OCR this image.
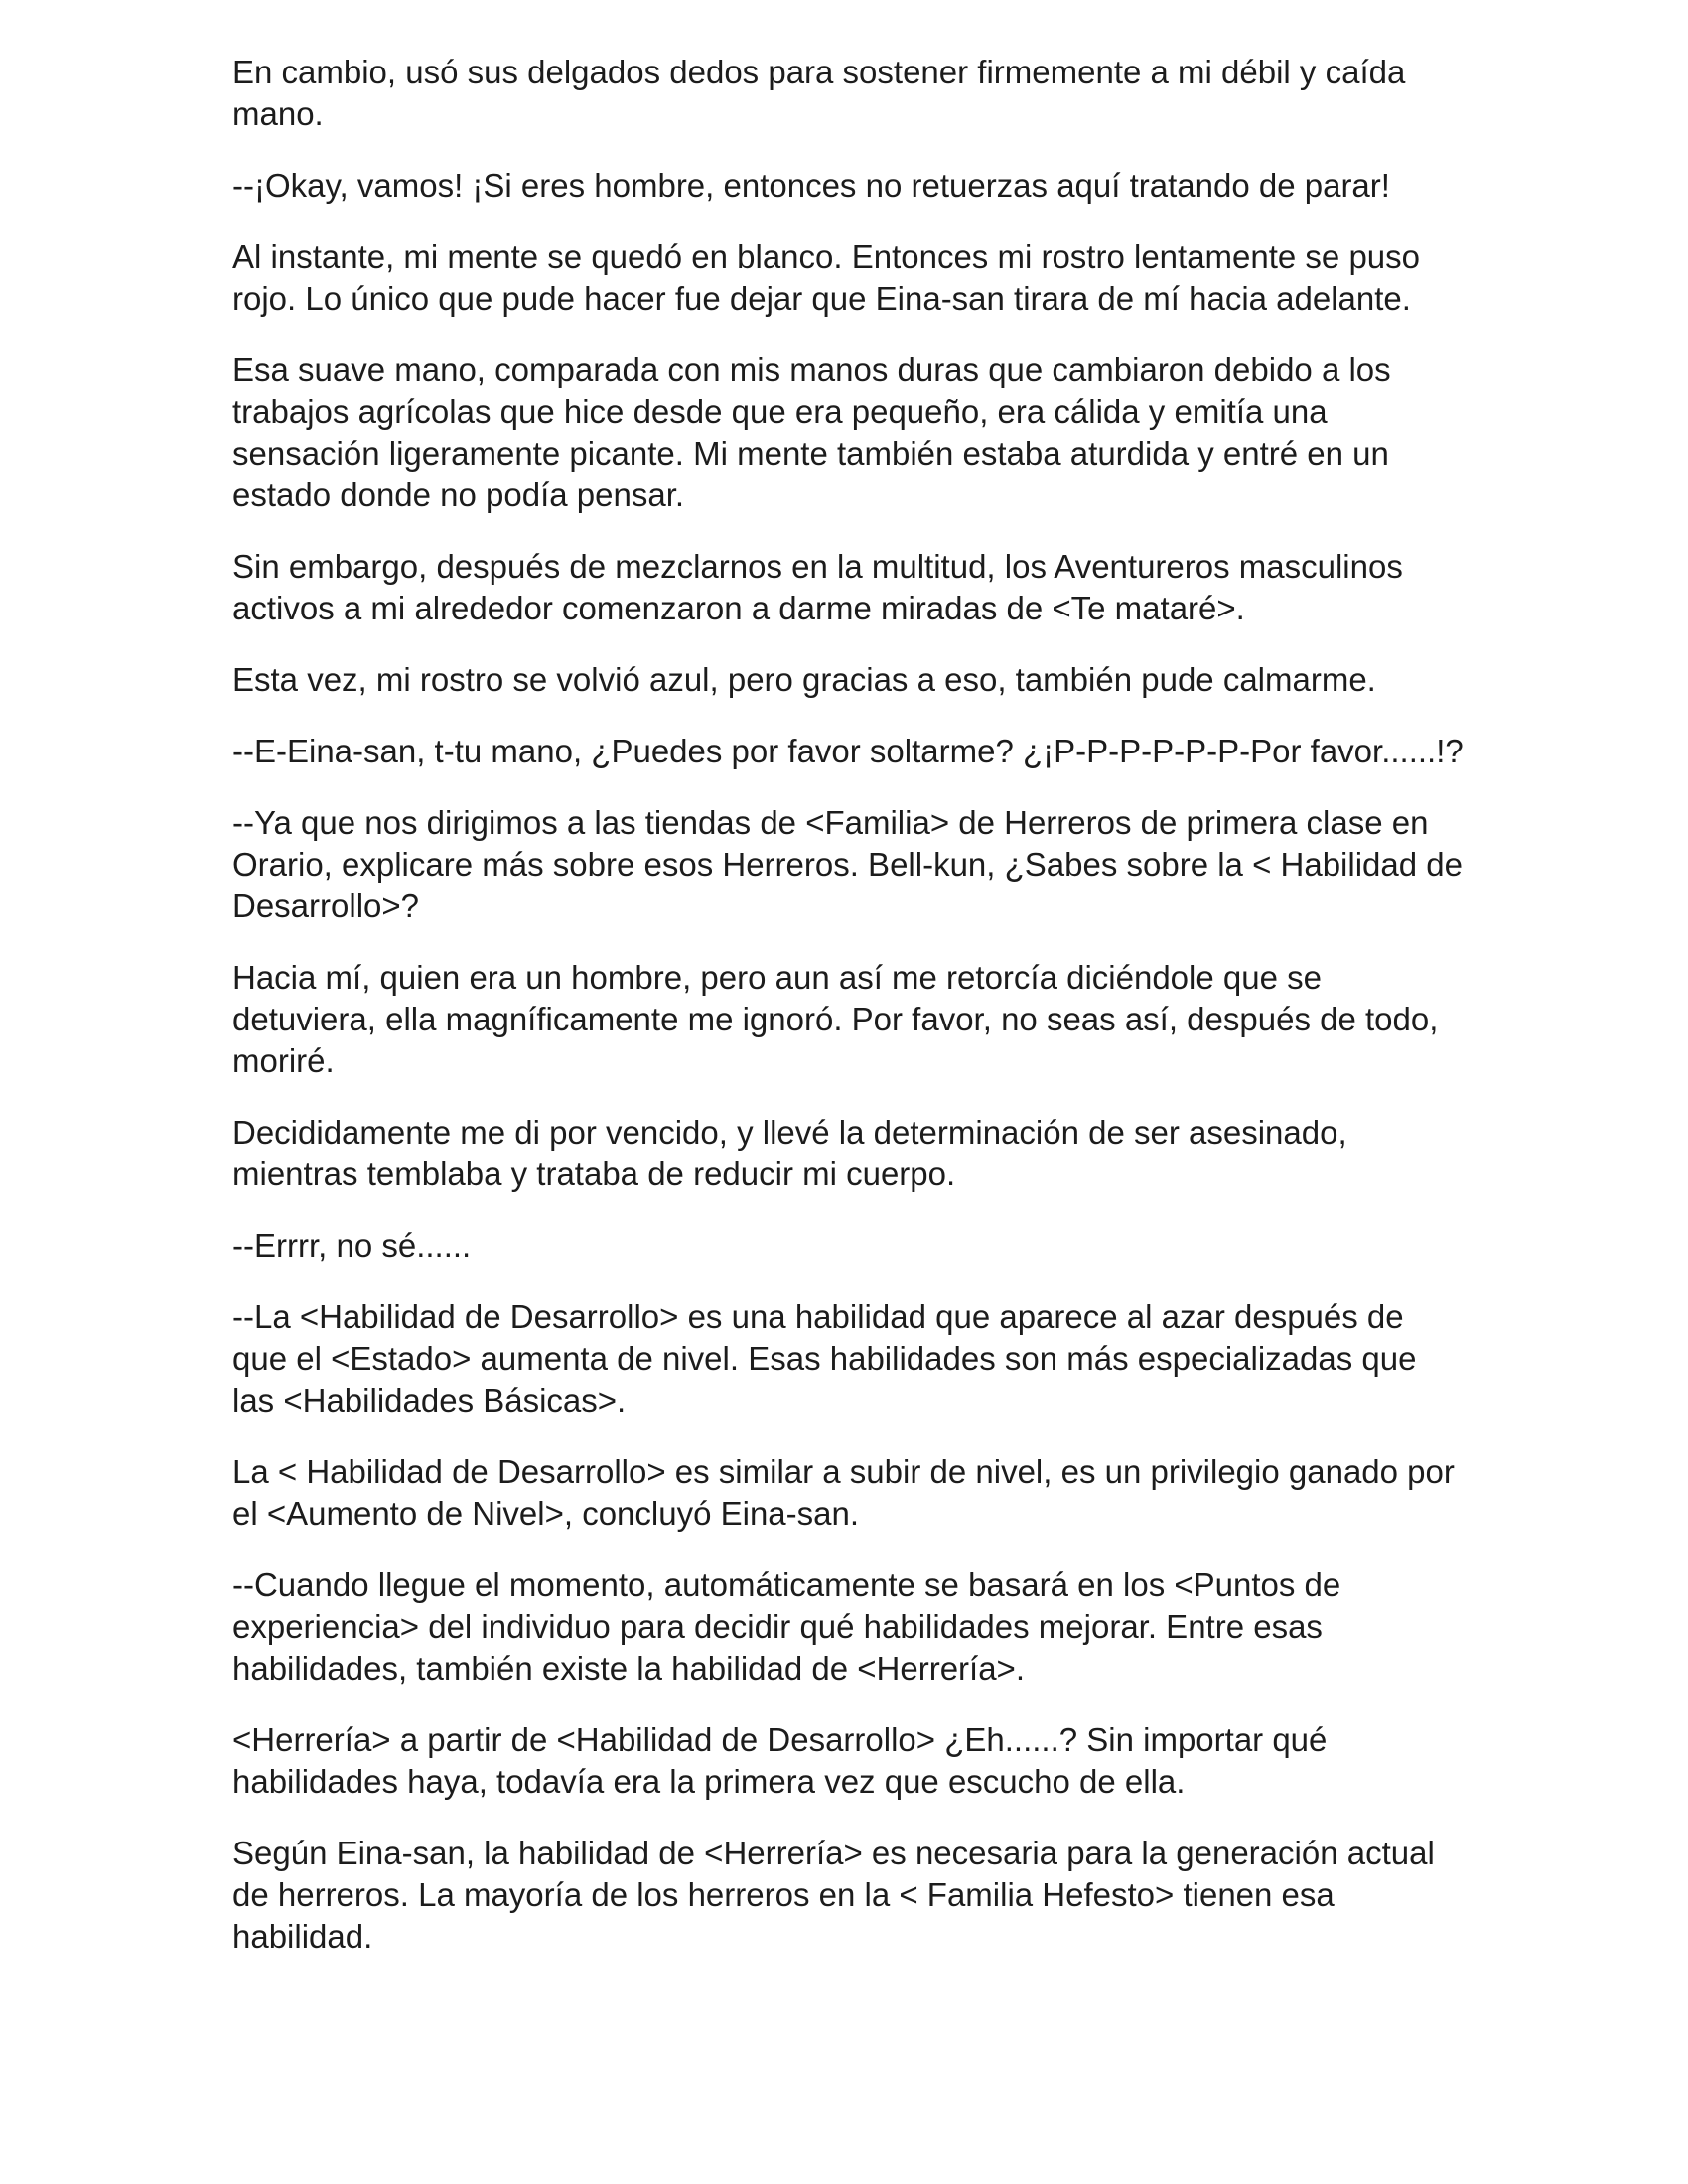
En cambio, usó sus delgados dedos para sostener firmemente a mi débil y caída mano.

--¡Okay, vamos! ¡Si eres hombre, entonces no retuerzas aquí tratando de parar!

Al instante, mi mente se quedó en blanco. Entonces mi rostro lentamente se puso rojo. Lo único que pude hacer fue dejar que Eina-san tirara de mí hacia adelante.

Esa suave mano, comparada con mis manos duras que cambiaron debido a los trabajos agrícolas que hice desde que era pequeño, era cálida y emitía una sensación ligeramente picante. Mi mente también estaba aturdida y entré en un estado donde no podía pensar.

Sin embargo, después de mezclarnos en la multitud, los Aventureros masculinos activos a mi alrededor comenzaron a darme miradas de <Te mataré>.

Esta vez, mi rostro se volvió azul, pero gracias a eso, también pude calmarme.

--E-Eina-san, t-tu mano, ¿Puedes por favor soltarme? ¿¡P-P-P-P-P-P-Por favor......!?

--Ya que nos dirigimos a las tiendas de <Familia> de Herreros de primera clase en Orario, explicare más sobre esos Herreros. Bell-kun, ¿Sabes sobre la < Habilidad de Desarrollo>?

Hacia mí, quien era un hombre, pero aun así me retorcía diciéndole que se detuviera, ella magníficamente me ignoró. Por favor, no seas así, después de todo, moriré.

Decididamente me di por vencido, y llevé la determinación de ser asesinado, mientras temblaba y trataba de reducir mi cuerpo.

--Errrr, no sé......

--La <Habilidad de Desarrollo> es una habilidad que aparece al azar después de que el <Estado> aumenta de nivel. Esas habilidades son más especializadas que las <Habilidades Básicas>.

La < Habilidad de Desarrollo> es similar a subir de nivel, es un privilegio ganado por el <Aumento de Nivel>, concluyó Eina-san.

--Cuando llegue el momento, automáticamente se basará en los <Puntos de experiencia> del individuo para decidir qué habilidades mejorar. Entre esas habilidades, también existe la habilidad de <Herrería>.

<Herrería> a partir de <Habilidad de Desarrollo> ¿Eh......? Sin importar qué habilidades haya, todavía era la primera vez que escucho de ella.

Según Eina-san, la habilidad de <Herrería> es necesaria para la generación actual de herreros. La mayoría de los herreros en la < Familia Hefesto> tienen esa habilidad.
